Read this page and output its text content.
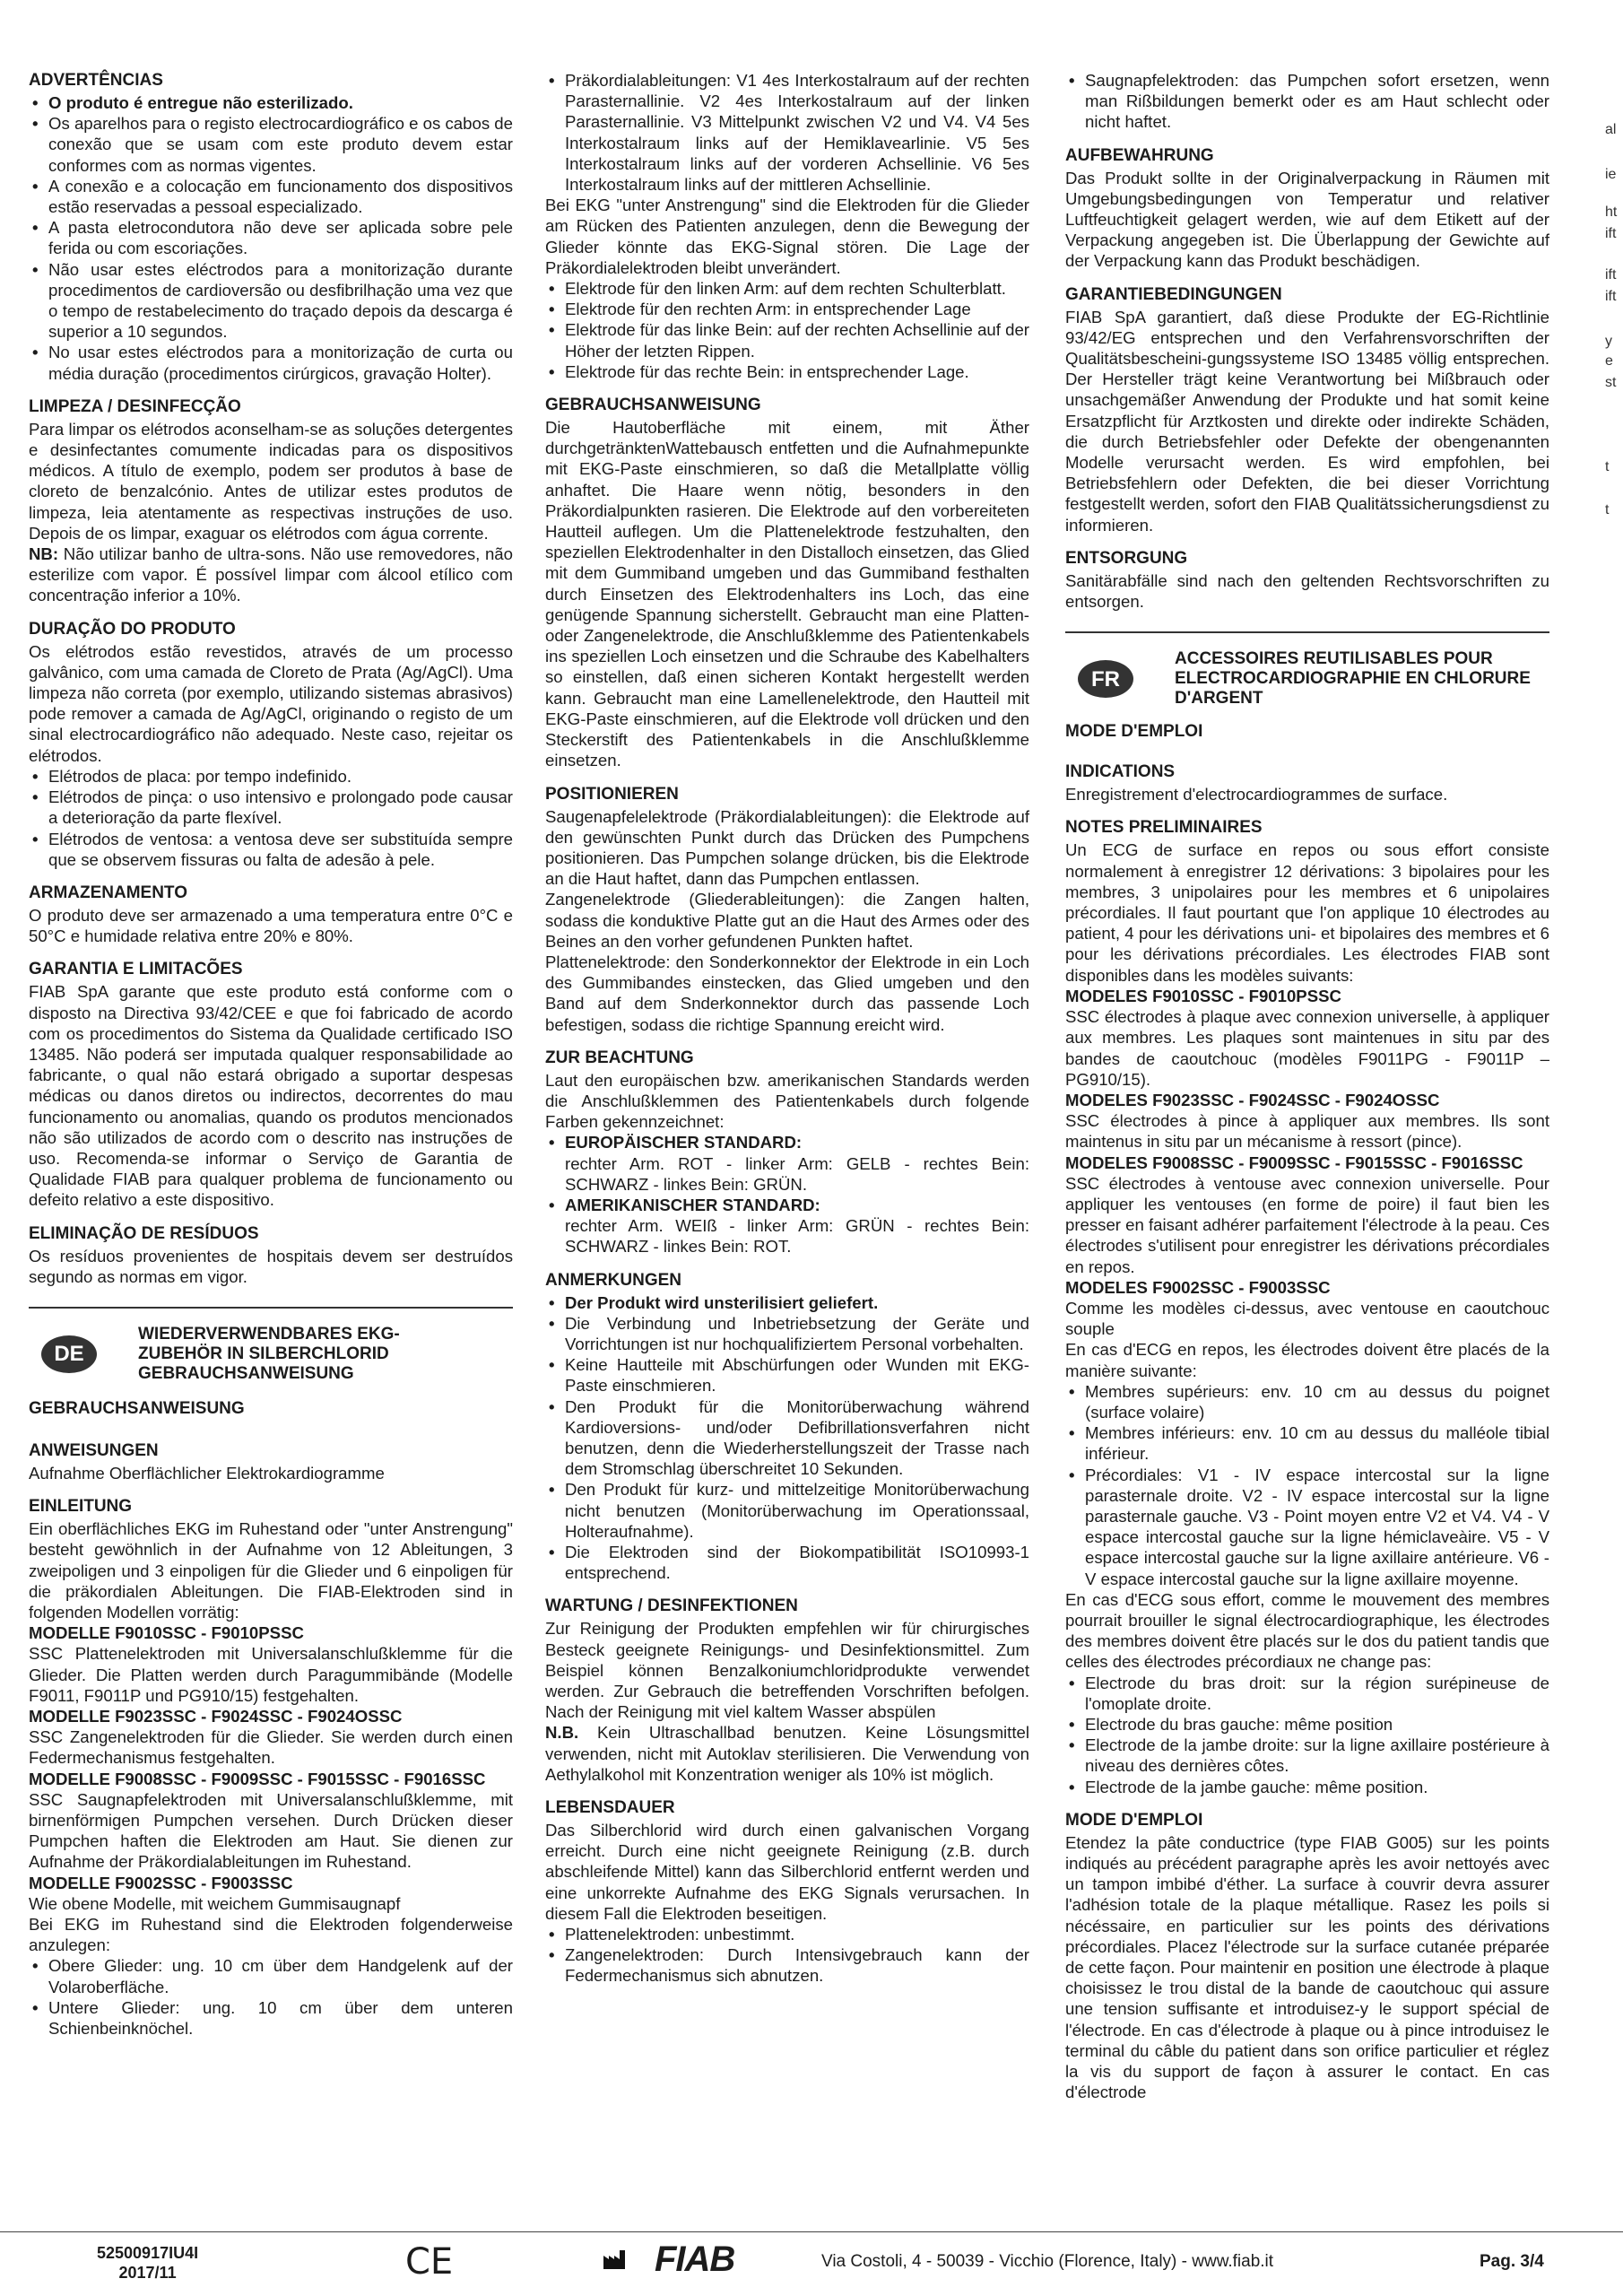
ADVERTÊNCIAS
• O produto é entregue não esterilizado.
• Os aparelhos para o registo electrocardiográfico e os cabos de conexão que se usam com este produto devem estar conformes com as normas vigentes.
• A conexão e a colocação em funcionamento dos dispositivos estão reservadas a pessoal especializado.
• A pasta eletrocondutora não deve ser aplicada sobre pele ferida ou com escoriações.
• Não usar estes eléctrodos para a monitorização durante procedimentos de cardioversão ou desfibrilhação uma vez que o tempo de restabelecimento do traçado depois da descarga é superior a 10 segundos.
• No usar estes eléctrodos para a monitorização de curta ou média duração (procedimentos cirúrgicos, gravação Holter).
LIMPEZA / DESINFECÇÃO

Para limpar os elétrodos aconselham-se as soluções detergentes e desinfectantes comumente indicadas para os dispositivos médicos. A título de exemplo, podem ser produtos à base de cloreto de benzalcónio. Antes de utilizar estes produtos de limpeza, leia atentamente as respectivas instruções de uso. Depois de os limpar, exaguar os elétrodos com água corrente.

NB: Não utilizar banho de ultra-sons. Não use removedores, não esterilize com vapor. É possível limpar com álcool etílico com concentração inferior a 10%.

DURAÇÃO DO PRODUTO

Os elétrodos estão revestidos, através de um processo galvânico, com uma camada de Cloreto de Prata (Ag/AgCl). Uma limpeza não correta (por exemplo, utilizando sistemas abrasivos) pode remover a camada de Ag/AgCl, originando o registo de um sinal electrocardiográfico não adequado. Neste caso, rejeitar os elétrodos.

• Elétrodos de placa: por tempo indefinido.
• Elétrodos de pinça: o uso intensivo e prolongado pode causar a deterioração da parte flexível.
• Elétrodos de ventosa: a ventosa deve ser substituída sempre que se observem fissuras ou falta de adesão à pele.
ARMAZENAMENTO

O produto deve ser armazenado a uma temperatura entre 0°C e 50°C e humidade relativa entre 20% e 80%.

GARANTIA E LIMITACÕES

FIAB SpA garante que este produto está conforme com o disposto na Directiva 93/42/CEE e que foi fabricado de acordo com os procedimentos do Sistema da Qualidade certificado ISO 13485. Não poderá ser imputada qualquer responsabilidade ao fabricante, o qual não estará obrigado a suportar despesas médicas ou danos diretos ou indirectos, decorrentes do mau funcionamento ou anomalias, quando os produtos mencionados não são utilizados de acordo com o descrito nas instruções de uso. Recomenda-se informar o Serviço de Garantia de Qualidade FIAB para qualquer problema de funcionamento ou defeito relativo a este dispositivo.

ELIMINAÇÃO DE RESÍDUOS

Os resíduos provenientes de hospitais devem ser destruídos segundo as normas em vigor.

DE
WIEDERVERWENDBARES EKG-ZUBEHÖR IN SILBERCHLORID GEBRAUCHSANWEISUNG
GEBRAUCHSANWEISUNG
ANWEISUNGEN

Aufnahme Oberflächlicher Elektrokardiogramme

EINLEITUNG

Ein oberflächliches EKG im Ruhestand oder "unter Anstrengung" besteht gewöhnlich in der Aufnahme von 12 Ableitungen, 3 zweipoligen und 3 einpoligen für die Glieder und 6 einpoligen für die präkordialen Ableitungen. Die FIAB-Elektroden sind in folgenden Modellen vorrätig:

MODELLE F9010SSC - F9010PSSC

SSC Plattenelektroden mit Universalanschlußklemme für die Glieder. Die Platten werden durch Paragummibände (Modelle F9011, F9011P und PG910/15) festgehalten.

MODELLE F9023SSC - F9024SSC - F9024OSSC

SSC Zangenelektroden für die Glieder. Sie werden durch einen Federmechanismus festgehalten.

MODELLE F9008SSC - F9009SSC - F9015SSC - F9016SSC

SSC Saugnapfelektroden mit Universalanschlußklemme, mit birnenförmigen Pumpchen versehen. Durch Drücken dieser Pumpchen haften die Elektroden am Haut. Sie dienen zur Aufnahme der Präkordialableitungen im Ruhestand.

MODELLE F9002SSC - F9003SSC

Wie obene Modelle, mit weichem Gummisaugnapf

Bei EKG im Ruhestand sind die Elektroden folgenderweise anzulegen:

• Obere Glieder: ung. 10 cm über dem Handgelenk auf der Volaroberfläche.
• Untere Glieder: ung. 10 cm über dem unteren Schienbeinknöchel.
• Präkordialableitungen: V1 4es Interkostalraum auf der rechten Parasternallinie. V2 4es Interkostalraum auf der linken Parasternallinie. V3 Mittelpunkt zwischen V2 und V4. V4 5es Interkostalraum links auf der Hemiklavearlinie. V5 5es Interkostalraum links auf der vorderen Achsellinie. V6 5es Interkostalraum links auf der mittleren Achsellinie.

Bei EKG "unter Anstrengung" sind die Elektroden für die Glieder am Rücken des Patienten anzulegen, denn die Bewegung der Glieder könnte das EKG-Signal stören. Die Lage der Präkordialelektroden bleibt unverändert.

• Elektrode für den linken Arm: auf dem rechten Schulterblatt.
• Elektrode für den rechten Arm: in entsprechender Lage
• Elektrode für das linke Bein: auf der rechten Achsellinie auf der Höher der letzten Rippen.
• Elektrode für das rechte Bein: in entsprechender Lage.
GEBRAUCHSANWEISUNG

Die Hautoberfläche mit einem, mit Äther durchgetränktenWattebausch entfetten und die Aufnahmepunkte mit EKG-Paste einschmieren, so daß die Metallplatte völlig anhaftet. Die Haare wenn nötig, besonders in den Präkordialpunkten rasieren. Die Elektrode auf den vorbereiteten Hautteil auflegen. Um die Plattenelektrode festzuhalten, den speziellen Elektrodenhalter in den Distalloch einsetzen, das Glied mit dem Gummiband umgeben und das Gummiband festhalten durch Einsetzen des Elektrodenhalters ins Loch, das eine genügende Spannung sicherstellt. Gebraucht man eine Platten- oder Zangenelektrode, die Anschlußklemme des Patientenkabels ins speziellen Loch einsetzen und die Schraube des Kabelhalters so einstellen, daß einen sicheren Kontakt hergestellt werden kann. Gebraucht man eine Lamellenelektrode, den Hautteil mit EKG-Paste einschmieren, auf die Elektrode voll drücken und den Steckerstift des Patientenkabels in die Anschlußklemme einsetzen.

POSITIONIEREN

Saugenapfelelektrode (Präkordialableitungen): die Elektrode auf den gewünschten Punkt durch das Drücken des Pumpchens positionieren. Das Pumpchen solange drücken, bis die Elektrode an die Haut haftet, dann das Pumpchen entlassen.

Zangenelektrode (Gliederableitungen): die Zangen halten, sodass die konduktive Platte gut an die Haut des Armes oder des Beines an den vorher gefundenen Punkten haftet.

Plattenelektrode: den Sonderkonnektor der Elektrode in ein Loch des Gummibandes einstecken, das Glied umgeben und den Band auf dem Snderkonnektor durch das passende Loch befestigen, sodass die richtige Spannung ereicht wird.

ZUR BEACHTUNG

Laut den europäischen bzw. amerikanischen Standards werden die Anschlußklemmen des Patientenkabels durch folgende Farben gekennzeichnet:

• EUROPÄISCHER STANDARD:

rechter Arm. ROT - linker Arm: GELB - rechtes Bein: SCHWARZ - linkes Bein: GRÜN.

• AMERIKANISCHER STANDARD:

rechter Arm. WEIß - linker Arm: GRÜN - rechtes Bein: SCHWARZ - linkes Bein: ROT.

ANMERKUNGEN
• Der Produkt wird unsterilisiert geliefert.
• Die Verbindung und Inbetriebsetzung der Geräte und Vorrichtungen ist nur hochqualifiziertem Personal vorbehalten.
• Keine Hautteile mit Abschürfungen oder Wunden mit EKG-Paste einschmieren.
• Den Produkt für die Monitorüberwachung während Kardioversions- und/oder Defibrillationsverfahren nicht benutzen, denn die Wiederherstellungszeit der Trasse nach dem Stromschlag überschreitet 10 Sekunden.
• Den Produkt für kurz- und mittelzeitige Monitorüberwachung nicht benutzen (Monitorüberwachung im Operationssaal, Holteraufnahme).
• Die Elektroden sind der Biokompatibilität ISO10993-1 entsprechend.
WARTUNG / DESINFEKTIONEN

Zur Reinigung der Produkten empfehlen wir für chirurgisches Besteck geeignete Reinigungs- und Desinfektionsmittel. Zum Beispiel können Benzalkoniumchloridprodukte verwendet werden. Zur Gebrauch die betreffenden Vorschriften befolgen. Nach der Reinigung mit viel kaltem Wasser abspülen

N.B. Kein Ultraschallbad benutzen. Keine Lösungsmittel verwenden, nicht mit Autoklav sterilisieren. Die Verwendung von Aethylalkohol mit Konzentration weniger als 10% ist möglich.

LEBENSDAUER

Das Silberchlorid wird durch einen galvanischen Vorgang erreicht. Durch eine nicht geeignete Reinigung (z.B. durch abschleifende Mittel) kann das Silberchlorid entfernt werden und eine unkorrekte Aufnahme des EKG Signals verursachen. In diesem Fall die Elektroden beseitigen.

• Plattenelektroden: unbestimmt.
• Zangenelektroden: Durch Intensivgebrauch kann der Federmechanismus sich abnutzen.
• Saugnapfelektroden: das Pumpchen sofort ersetzen, wenn man Rißbildungen bemerkt oder es am Haut schlecht oder nicht haftet.
AUFBEWAHRUNG

Das Produkt sollte in der Originalverpackung in Räumen mit Umgebungsbedingungen von Temperatur und relativer Luftfeuchtigkeit gelagert werden, wie auf dem Etikett auf der Verpackung angegeben ist. Die Überlappung der Gewichte auf der Verpackung kann das Produkt beschädigen.

GARANTIEBEDINGUNGEN

FIAB SpA garantiert, daß diese Produkte der EG-Richtlinie 93/42/EG entsprechen und den Verfahrensvorschriften der Qualitätsbescheini-gungssysteme ISO 13485 völlig entsprechen. Der Hersteller trägt keine Verantwortung bei Mißbrauch oder unsachgemäßer Anwendung der Produkte und hat somit keine Ersatzpflicht für Arztkosten und direkte oder indirekte Schäden, die durch Betriebsfehler oder Defekte der obengenannten Modelle verursacht werden. Es wird empfohlen, bei Betriebsfehlern oder Defekten, die bei dieser Vorrichtung festgestellt werden, sofort den FIAB Qualitätssicherungsdienst zu informieren.

ENTSORGUNG

Sanitärabfälle sind nach den geltenden Rechtsvorschriften zu entsorgen.

FR
ACCESSOIRES REUTILISABLES POUR ELECTROCARDIOGRAPHIE EN CHLORURE D'ARGENT
MODE D'EMPLOI
INDICATIONS

Enregistrement d'electrocardiogrammes de surface.

NOTES PRELIMINAIRES

Un ECG de surface en repos ou sous effort consiste normalement à enregistrer 12 dérivations: 3 bipolaires pour les membres, 3 unipolaires pour les membres et 6 unipolaires précordiales. Il faut pourtant que l'on applique 10 électrodes au patient, 4 pour les dérivations uni- et bipolaires des membres et 6 pour les dérivations précordiales. Les électrodes FIAB sont disponibles dans les modèles suivants:

MODELES F9010SSC - F9010PSSC

SSC électrodes à plaque avec connexion universelle, à appliquer aux membres. Les plaques sont maintenues in situ par des bandes de caoutchouc (modèles F9011PG - F9011P – PG910/15).

MODELES F9023SSC - F9024SSC - F9024OSSC

SSC électrodes à pince à appliquer aux membres. Ils sont maintenus in situ par un mécanisme à ressort (pince).

MODELES F9008SSC - F9009SSC - F9015SSC - F9016SSC

SSC électrodes à ventouse avec connexion universelle. Pour appliquer les ventouses (en forme de poire) il faut bien les presser en faisant adhérer parfaitement l'électrode à la peau. Ces électrodes s'utilisent pour enregistrer les dérivations précordiales en repos.

MODELES F9002SSC - F9003SSC

Comme les modèles ci-dessus, avec ventouse en caoutchouc souple

En cas d'ECG en repos, les électrodes doivent être placés de la manière suivante:

• Membres supérieurs: env. 10 cm au dessus du poignet (surface volaire)
• Membres inférieurs: env. 10 cm au dessus du malléole tibial inférieur.
• Précordiales: V1 - IV espace intercostal sur la ligne parasternale droite. V2 - IV espace intercostal sur la ligne parasternale gauche. V3 - Point moyen entre V2 et V4. V4 - V espace intercostal gauche sur la ligne hémiclaveàire. V5 - V espace intercostal gauche sur la ligne axillaire antérieure. V6 - V espace intercostal gauche sur la ligne axillaire moyenne.

En cas d'ECG sous effort, comme le mouvement des membres pourrait brouiller le signal électrocardiographique, les électrodes des membres doivent être placés sur le dos du patient tandis que celles des électrodes précordiaux ne change pas:

• Electrode du bras droit: sur la région surépineuse de l'omoplate droite.
• Electrode du bras gauche: même position
• Electrode de la jambe droite: sur la ligne axillaire postérieure à niveau des dernières côtes.
• Electrode de la jambe gauche: même position.
MODE D'EMPLOI

Etendez la pâte conductrice (type FIAB G005) sur les points indiqués au précédent paragraphe après les avoir nettoyés avec un tampon imbibé d'éther. La surface à couvrir devra assurer l'adhésion totale de la plaque métallique. Rasez les poils si nécéssaire, en particulier sur les points des dérivations précordiales. Placez l'électrode sur la surface cutanée préparée de cette façon. Pour maintenir en position une électrode à plaque choisissez le trou distal de la bande de caoutchouc qui assure une tension suffisante et introduisez-y le support spécial de l'électrode. En cas d'électrode à plaque ou à pince introduisez le terminal du câble du patient dans son orifice particulier et réglez la vis du support de façon à assurer le contact. En cas d'électrode

al
ie
ht
ift
ift
ift
y
e
st
t
t
52500917IU4I
2017/11	CE	FIAB	Via Costoli, 4 - 50039 - Vicchio (Florence, Italy) - www.fiab.it	Pag. 3/4
